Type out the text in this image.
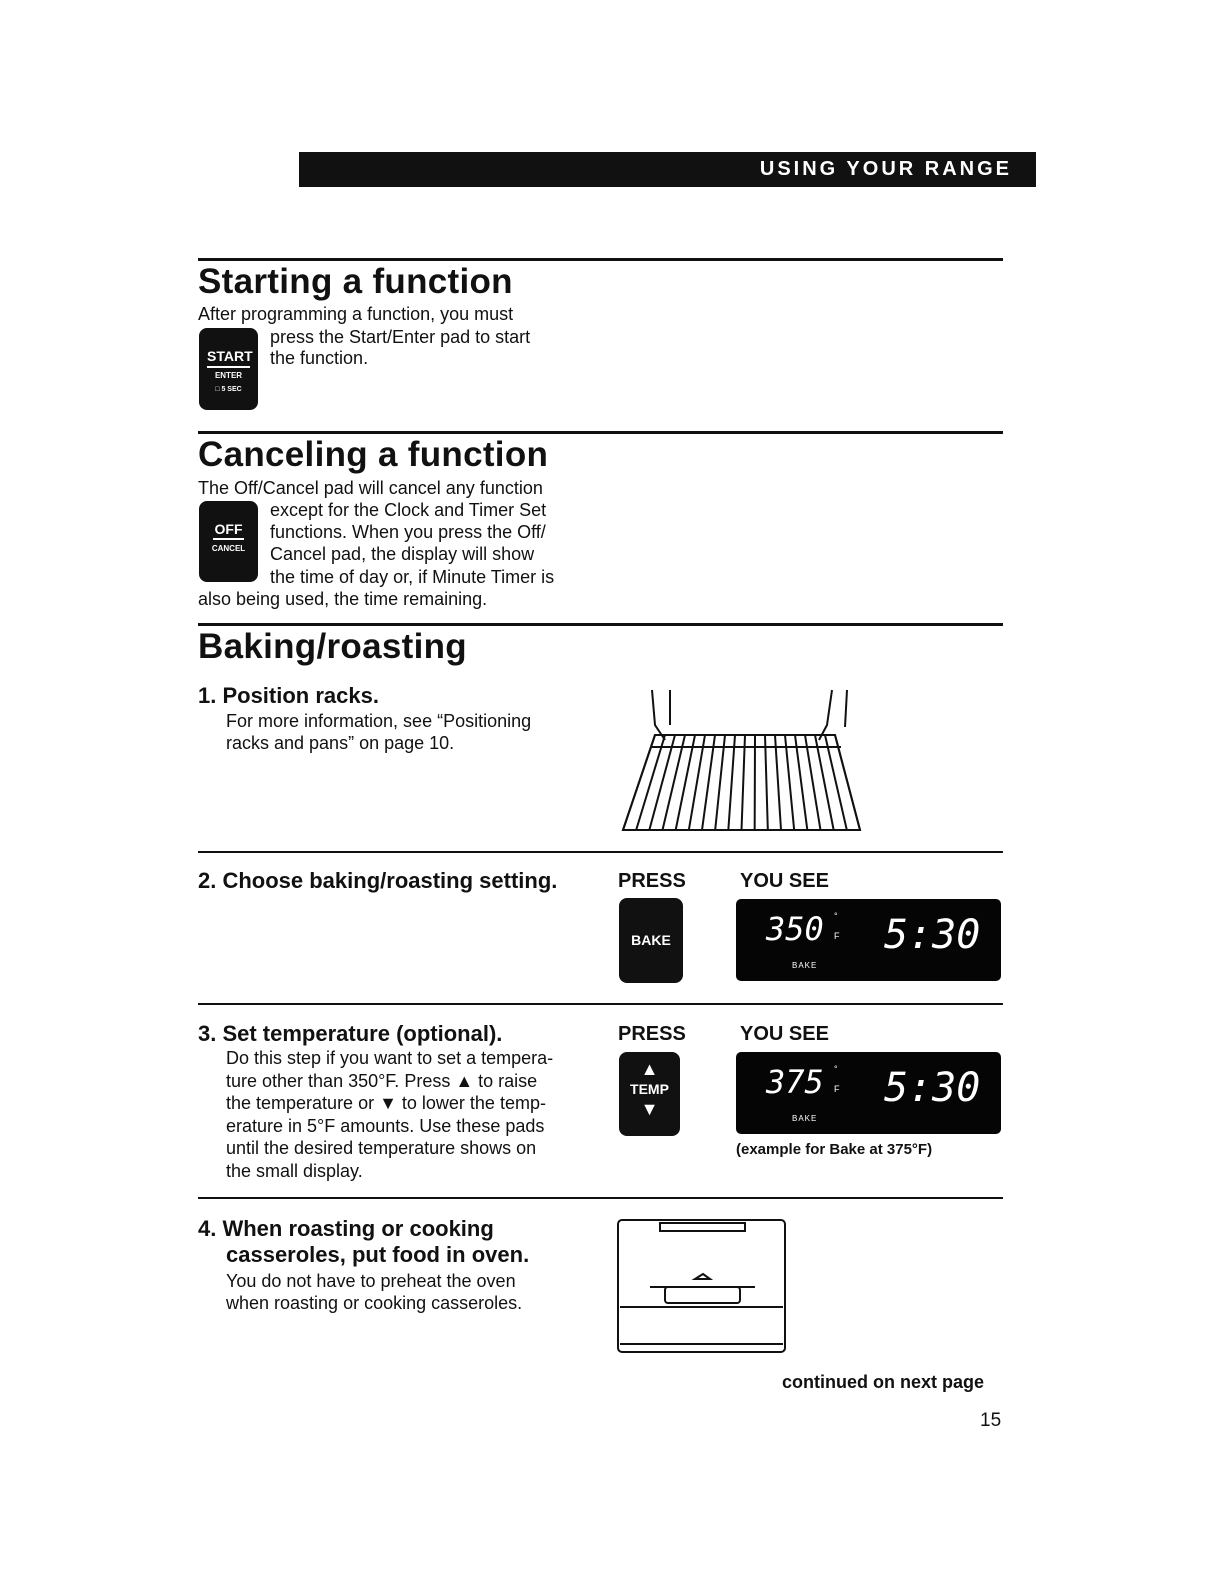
USING YOUR RANGE
Starting a function
After programming a function, you must
press the Start/Enter pad to start
the function.
START
ENTER
□ 5 SEC
Canceling a function
The Off/Cancel pad will cancel any function
except for the Clock and Timer Set
functions. When you press the Off/
Cancel pad, the display will show
the time of day or, if Minute Timer is
also being used, the time remaining.
OFF
CANCEL
Baking/roasting
1. Position racks.
For more information, see “Positioning
racks and pans” on page 10.
2. Choose baking/roasting setting.	PRESS	YOU SEE
BAKE	350 °
F
BAKE
5:30
3. Set temperature (optional).
Do this step if you want to set a tempera-
ture other than 350°F. Press ▲ to raise
the temperature or ▼ to lower the temp-
erature in 5°F amounts. Use these pads
until the desired temperature shows on
the small display.
PRESS	YOU SEE
▲
TEMP
▼
375 °
F
BAKE
5:30
(example for Bake at 375°F)
4. When roasting or cooking
casseroles, put food in oven.
You do not have to preheat the oven
when roasting or cooking casseroles.
continued on next page
15
